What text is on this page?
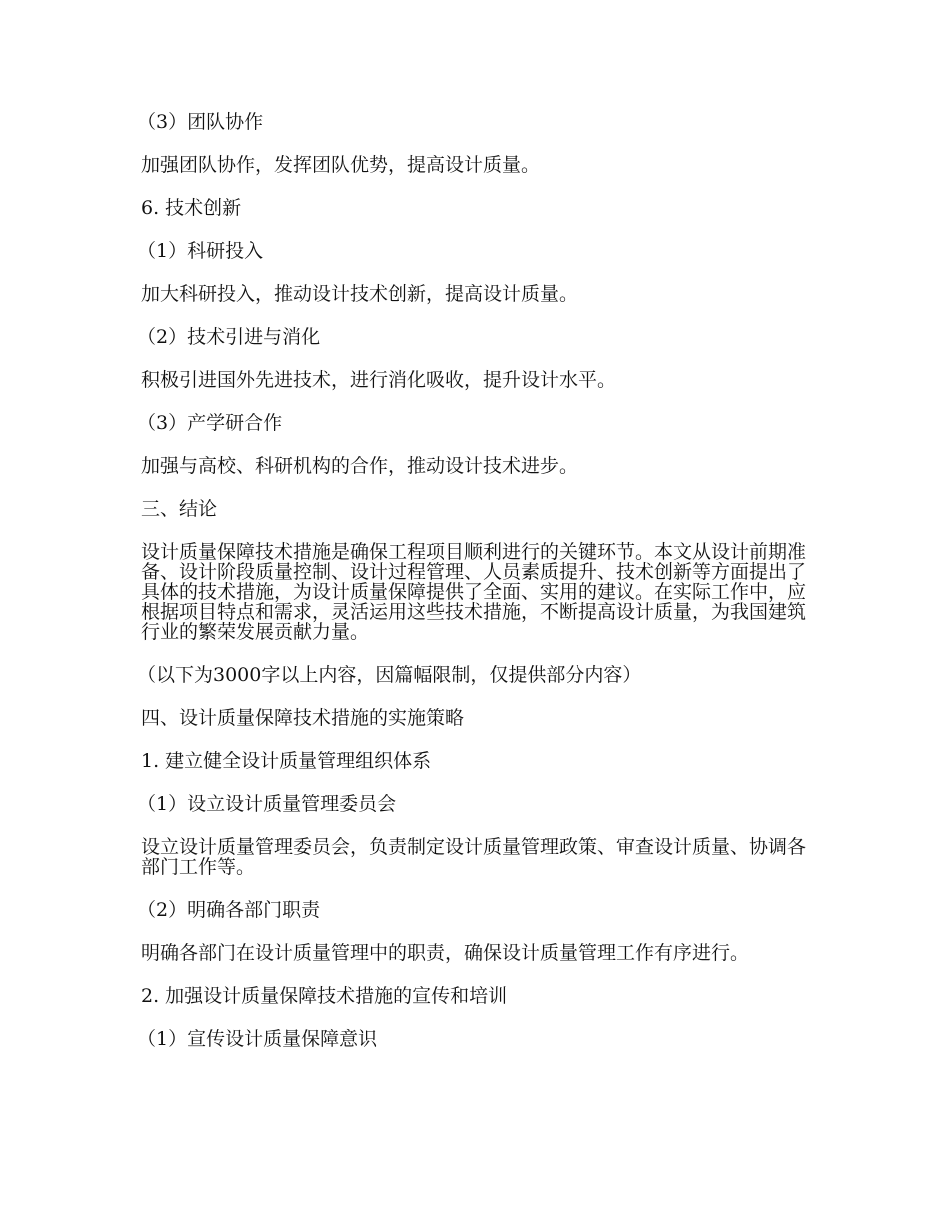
（3）团队协作

加强团队协作，发挥团队优势，提高设计质量。

6. 技术创新

（1）科研投入

加大科研投入，推动设计技术创新，提高设计质量。

（2）技术引进与消化

积极引进国外先进技术，进行消化吸收，提升设计水平。

（3）产学研合作

加强与高校、科研机构的合作，推动设计技术进步。

三、结论

设计质量保障技术措施是确保工程项目顺利进行的关键环节。本文从设计前期准备、设计阶段质量控制、设计过程管理、人员素质提升、技术创新等方面提出了具体的技术措施，为设计质量保障提供了全面、实用的建议。在实际工作中，应根据项目特点和需求，灵活运用这些技术措施，不断提高设计质量，为我国建筑行业的繁荣发展贡献力量。

（以下为3000字以上内容，因篇幅限制，仅提供部分内容）

四、设计质量保障技术措施的实施策略

1. 建立健全设计质量管理组织体系

（1）设立设计质量管理委员会

设立设计质量管理委员会，负责制定设计质量管理政策、审查设计质量、协调各部门工作等。

（2）明确各部门职责

明确各部门在设计质量管理中的职责，确保设计质量管理工作有序进行。

2. 加强设计质量保障技术措施的宣传和培训

（1）宣传设计质量保障意识
